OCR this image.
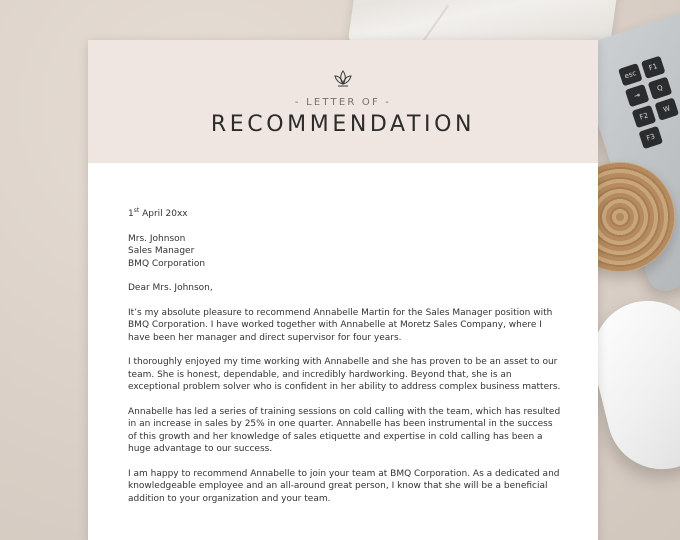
esc
F1
⇥
Q
F2
W
F3
- LETTER OF -
RECOMMENDATION

1st April 20xx

Mrs. Johnson
Sales Manager
BMQ Corporation

Dear Mrs. Johnson,

It’s my absolute pleasure to recommend Annabelle Martin for the Sales Manager position with BMQ Corporation. I have worked together with Annabelle at Moretz Sales Company, where I have been her manager and direct supervisor for four years.

I thoroughly enjoyed my time working with Annabelle and she has proven to be an asset to our team. She is honest, dependable, and incredibly hardworking. Beyond that, she is an exceptional problem solver who is confident in her ability to address complex business matters.

Annabelle has led a series of training sessions on cold calling with the team, which has resulted in an increase in sales by 25% in one quarter. Annabelle has been instrumental in the success of this growth and her knowledge of sales etiquette and expertise in cold calling has been a huge advantage to our success.

I am happy to recommend Annabelle to join your team at BMQ Corporation. As a dedicated and knowledgeable employee and an all-around great person, I know that she will be a beneficial addition to your organization and your team.
